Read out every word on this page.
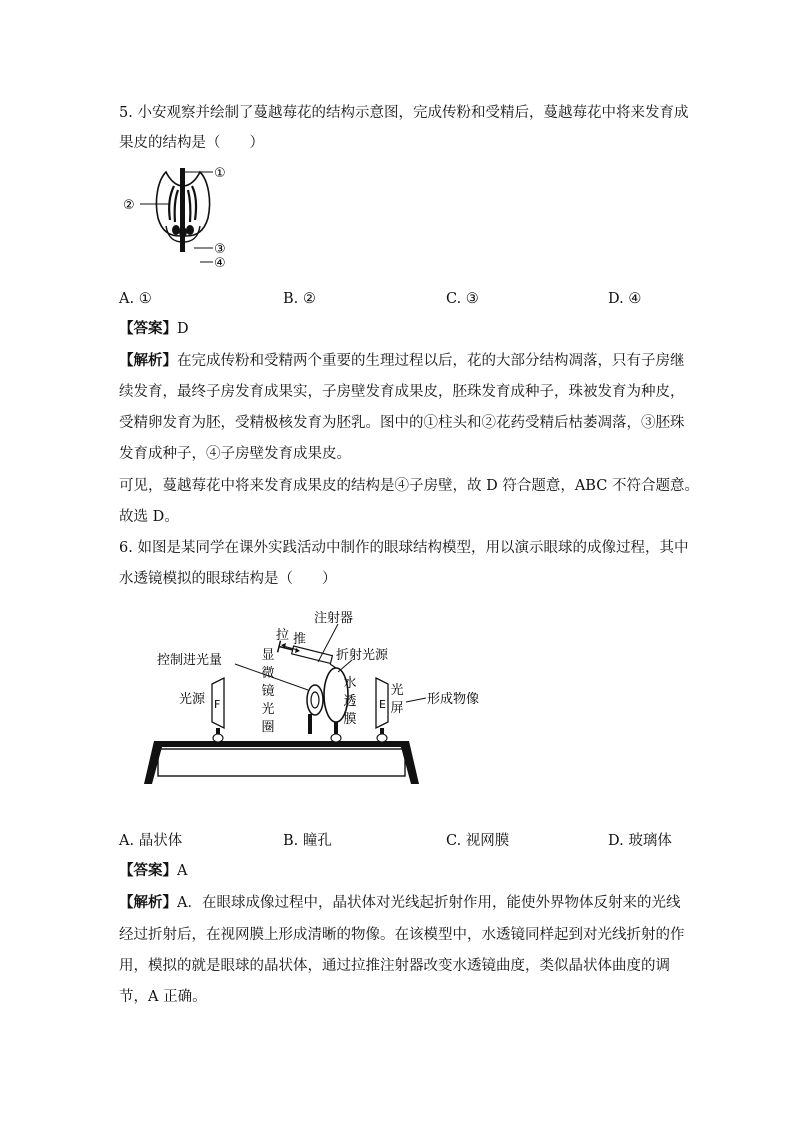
5. 小安观察并绘制了蔓越莓花的结构示意图，完成传粉和受精后，蔓越莓花中将来发育成
果皮的结构是（　　）
①
②
③
④
A. ①	B. ②	C. ③	D. ④
【答案】D
【解析】在完成传粉和受精两个重要的生理过程以后，花的大部分结构凋落，只有子房继
续发育，最终子房发育成果实，子房壁发育成果皮，胚珠发育成种子，珠被发育为种皮，
受精卵发育为胚，受精极核发育为胚乳。图中的①柱头和②花药受精后枯萎凋落，③胚珠
发育成种子，④子房壁发育成果皮。
可见，蔓越莓花中将来发育成果皮的结构是④子房壁，故 D 符合题意，ABC 不符合题意。
故选 D。
6. 如图是某同学在课外实践活动中制作的眼球结构模型，用以演示眼球的成像过程，其中
水透镜模拟的眼球结构是（　　）
F	E
注射器
拉 推
控制进光量	折射光源
光源	形成物像
显微镜光圈
水透膜
光屏
A. 晶状体	B. 瞳孔	C. 视网膜	D. 玻璃体
【答案】A
【解析】A．在眼球成像过程中，晶状体对光线起折射作用，能使外界物体反射来的光线
经过折射后，在视网膜上形成清晰的物像。在该模型中，水透镜同样起到对光线折射的作
用，模拟的就是眼球的晶状体，通过拉推注射器改变水透镜曲度，类似晶状体曲度的调
节，A 正确。
